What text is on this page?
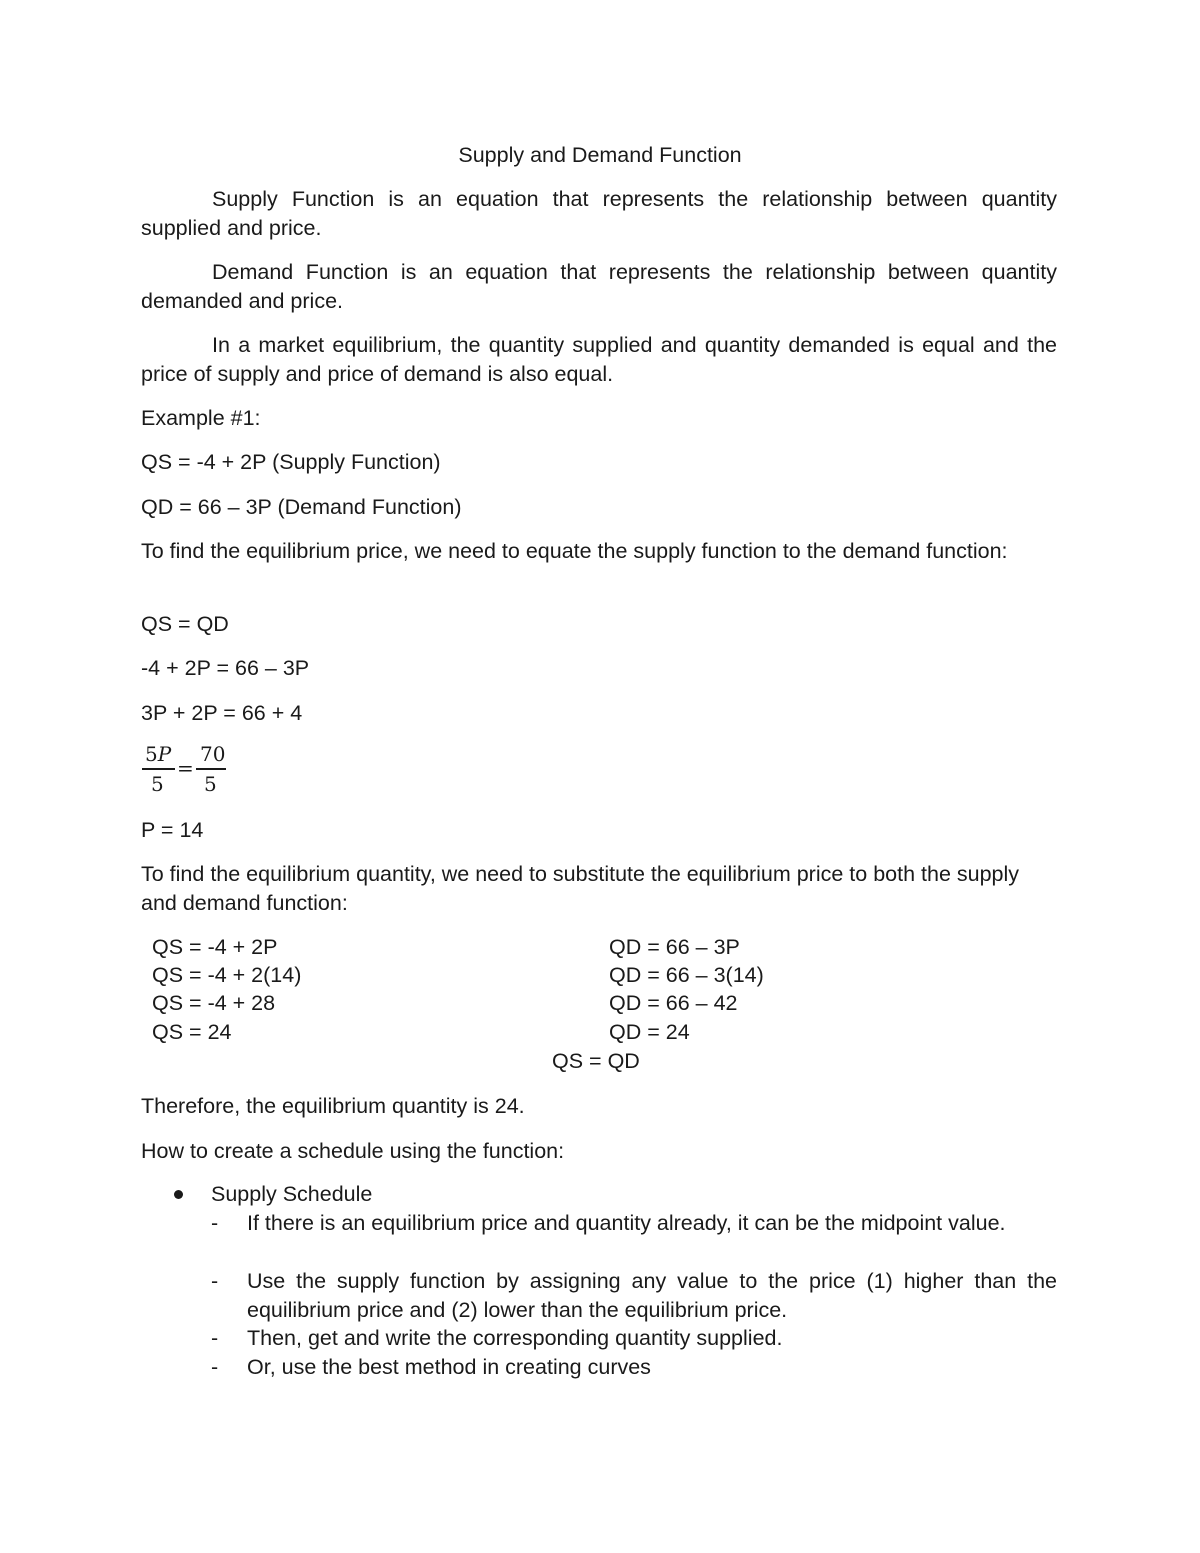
Supply and Demand Function
Supply Function is an equation that represents the relationship between quantity supplied and price.
Demand Function is an equation that represents the relationship between quantity demanded and price.
In a market equilibrium, the quantity supplied and quantity demanded is equal and the price of supply and price of demand is also equal.
Example #1:
QS = -4 + 2P (Supply Function)
QD = 66 – 3P (Demand Function)
To find the equilibrium price, we need to equate the supply function to the demand function:
QS = QD
-4 + 2P = 66 – 3P
3P + 2P = 66 + 4
5P
5
=
70
5
P = 14
To find the equilibrium quantity, we need to substitute the equilibrium price to both the supply and demand function:
QS = -4 + 2P
QS = -4 + 2(14)
QS = -4 + 28
QS = 24
QD = 66 – 3P
QD = 66 – 3(14)
QD = 66 – 42
QD = 24
QS = QD
Therefore, the equilibrium quantity is 24.
How to create a schedule using the function:
Supply Schedule
- If there is an equilibrium price and quantity already, it can be the midpoint value.
- Use the supply function by assigning any value to the price (1) higher than the equilibrium price and (2) lower than the equilibrium price.
- Then, get and write the corresponding quantity supplied.
- Or, use the best method in creating curves
